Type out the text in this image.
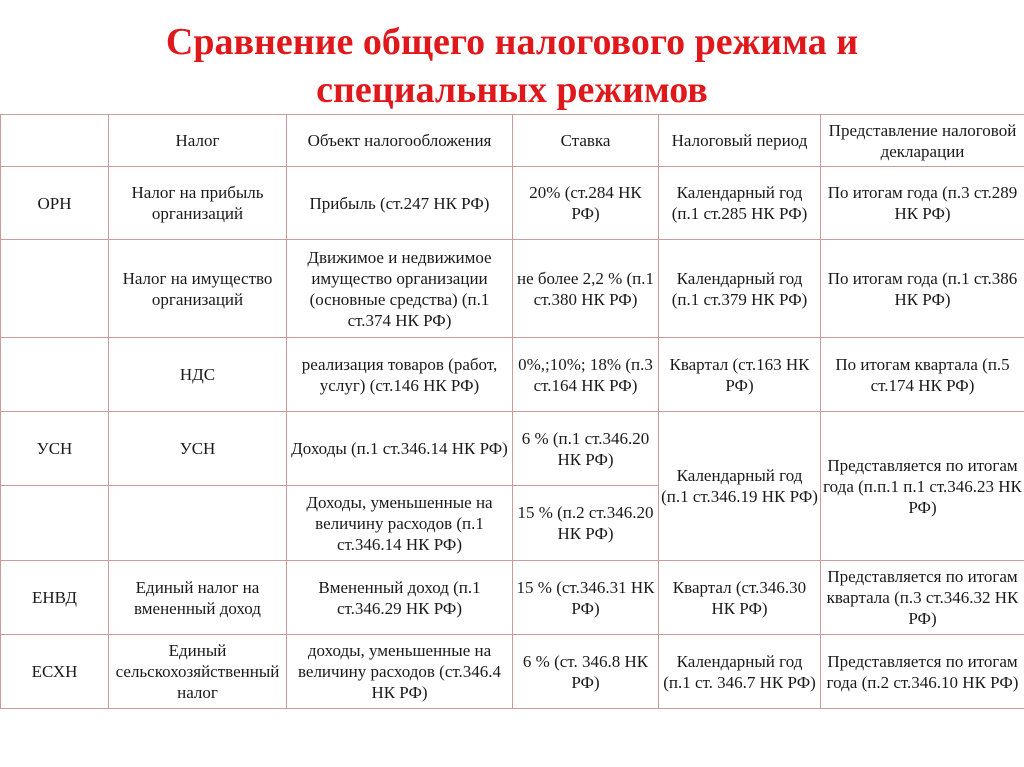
Сравнение общего налогового режима и
специальных режимов
	Налог	Объект налогообложения	Ставка	Налоговый период	Представление налоговой декларации
ОРН	Налог на прибыль организаций	Прибыль (ст.247 НК РФ)	20% (ст.284 НК РФ)	Календарный год (п.1 ст.285 НК РФ)	По итогам года (п.3 ст.289 НК РФ)
	Налог на имущество организаций	Движимое и недвижимое имущество организации (основные средства) (п.1 ст.374 НК РФ)	не более 2,2 % (п.1 ст.380 НК РФ)	Календарный год (п.1 ст.379 НК РФ)	По итогам года (п.1 ст.386 НК РФ)
	НДС	реализация товаров (работ, услуг) (ст.146 НК РФ)	0%,;10%; 18% (п.3 ст.164 НК РФ)	Квартал (ст.163 НК РФ)	По итогам квартала (п.5 ст.174 НК РФ)
УСН	УСН	Доходы (п.1 ст.346.14 НК РФ)	6 % (п.1 ст.346.20 НК РФ)	Календарный год (п.1 ст.346.19 НК РФ)	Представляется по итогам года (п.п.1 п.1 ст.346.23 НК РФ)
		Доходы, уменьшенные на величину расходов (п.1 ст.346.14 НК РФ)	15 % (п.2 ст.346.20 НК РФ)		
ЕНВД	Единый налог на вмененный доход	Вмененный доход (п.1 ст.346.29 НК РФ)	15 % (ст.346.31 НК РФ)	Квартал (ст.346.30 НК РФ)	Представляется по итогам квартала (п.3 ст.346.32 НК РФ)
ЕСХН	Единый сельскохозяйственный налог	доходы, уменьшенные на величину расходов (ст.346.4 НК РФ)	6 % (ст. 346.8 НК РФ)	Календарный год (п.1 ст. 346.7 НК РФ)	Представляется по итогам года (п.2 ст.346.10 НК РФ)
